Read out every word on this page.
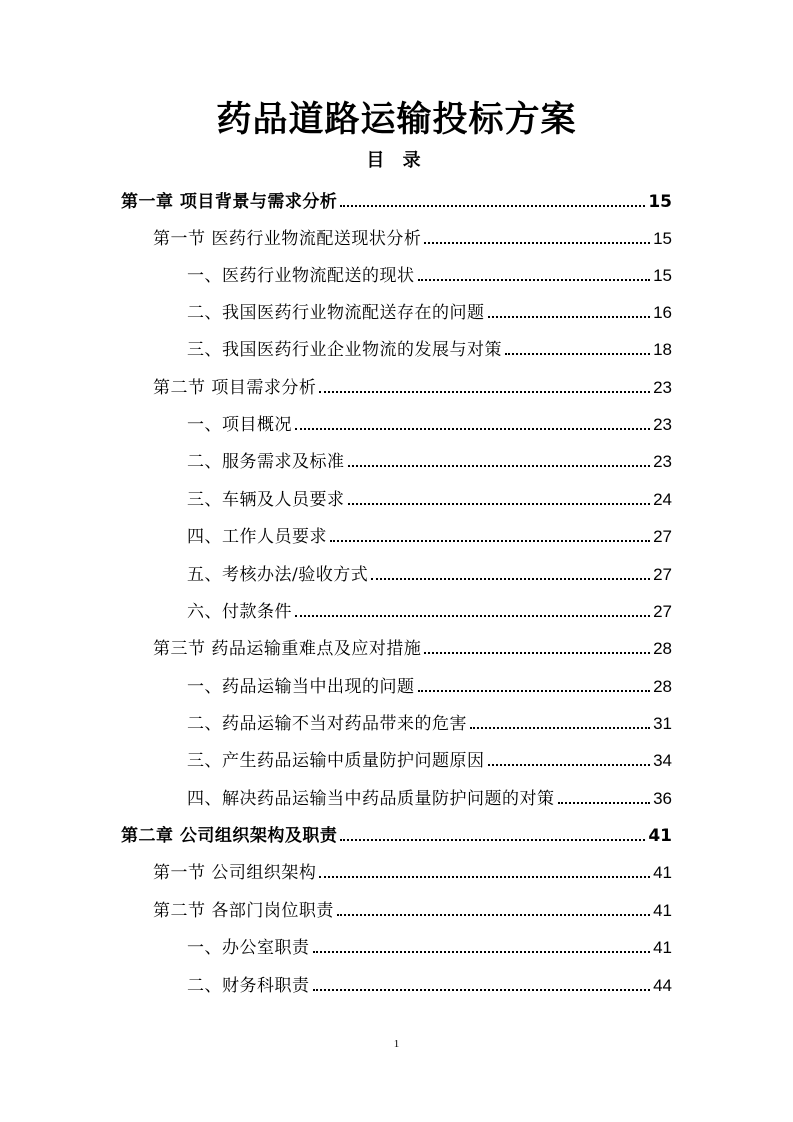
药品道路运输投标方案
目 录
第一章 项目背景与需求分析	15
第一节 医药行业物流配送现状分析	15
一、医药行业物流配送的现状	15
二、我国医药行业物流配送存在的问题	16
三、我国医药行业企业物流的发展与对策	18
第二节 项目需求分析	23
一、项目概况	23
二、服务需求及标准	23
三、车辆及人员要求	24
四、工作人员要求	27
五、考核办法/验收方式	27
六、付款条件	27
第三节 药品运输重难点及应对措施	28
一、药品运输当中出现的问题	28
二、药品运输不当对药品带来的危害	31
三、产生药品运输中质量防护问题原因	34
四、解决药品运输当中药品质量防护问题的对策	36
第二章 公司组织架构及职责	41
第一节 公司组织架构	41
第二节 各部门岗位职责	41
一、办公室职责	41
二、财务科职责	44
1
